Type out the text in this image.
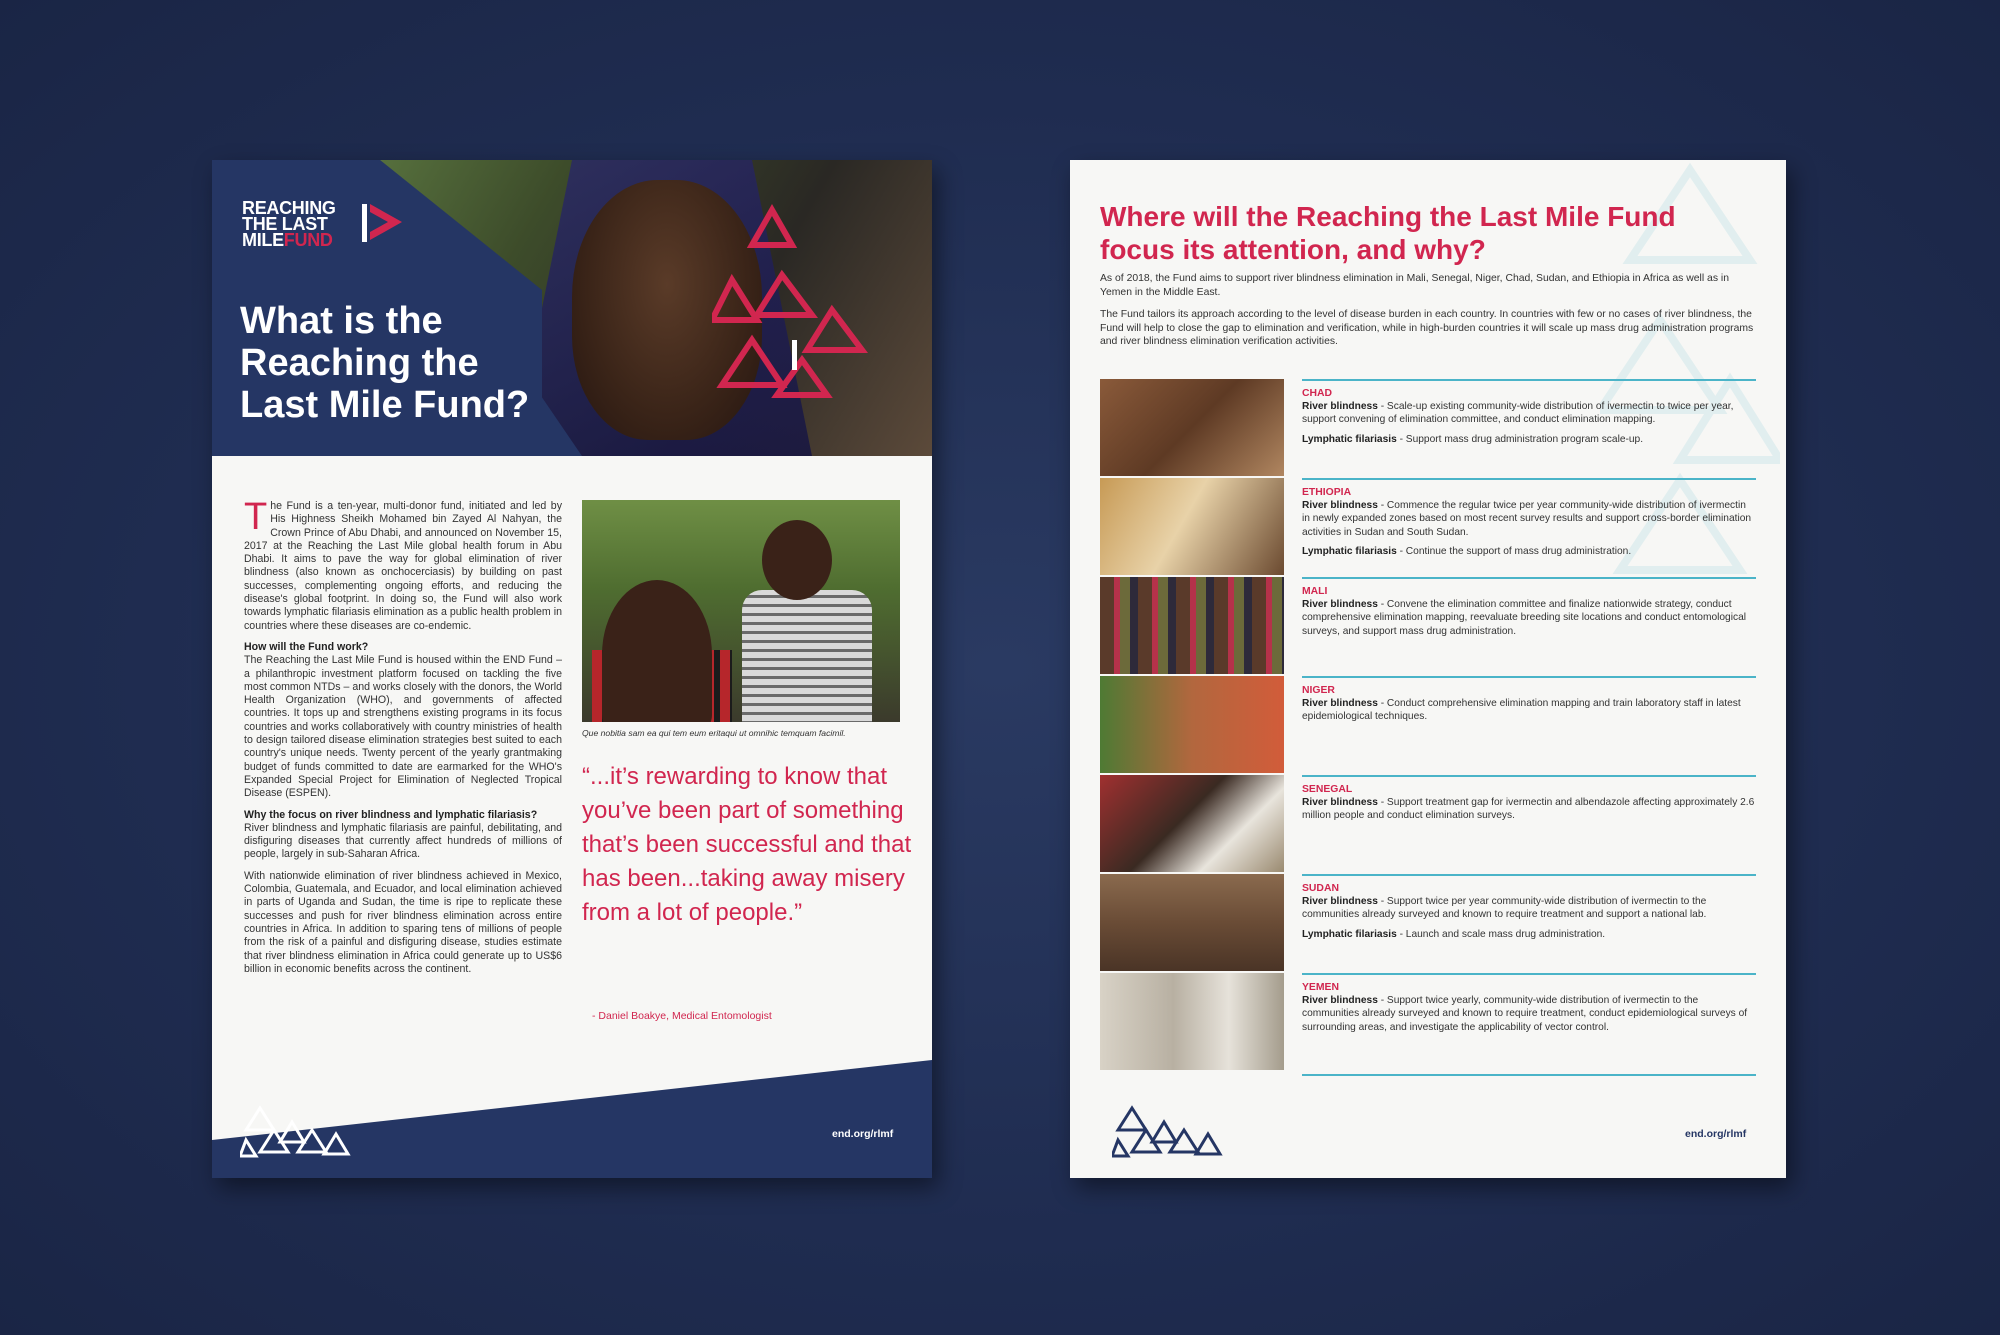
REACHING
THE LAST
MILEFUND
What is the
Reaching the
Last Mile Fund?

The Fund is a ten-year, multi-donor fund, initiated and led by His Highness Sheikh Mohamed bin Zayed Al Nahyan, the Crown Prince of Abu Dhabi, and announced on November 15, 2017 at the Reaching the Last Mile global health forum in Abu Dhabi. It aims to pave the way for global elimination of river blindness (also known as onchocerciasis) by building on past successes, complementing ongoing efforts, and reducing the disease's global footprint. In doing so, the Fund will also work towards lymphatic filariasis elimination as a public health problem in countries where these diseases are co-endemic.

How will the Fund work?

The Reaching the Last Mile Fund is housed within the END Fund – a philanthropic investment platform focused on tackling the five most common NTDs – and works closely with the donors, the World Health Organization (WHO), and governments of affected countries. It tops up and strengthens existing programs in its focus countries and works collaboratively with country ministries of health to design tailored disease elimination strategies best suited to each country's unique needs. Twenty percent of the yearly grantmaking budget of funds committed to date are earmarked for the WHO's Expanded Special Project for Elimination of Neglected Tropical Disease (ESPEN).

Why the focus on river blindness and lymphatic filariasis?

River blindness and lymphatic filariasis are painful, debilitating, and disfiguring diseases that currently affect hundreds of millions of people, largely in sub-Saharan Africa.

With nationwide elimination of river blindness achieved in Mexico, Colombia, Guatemala, and Ecuador, and local elimination achieved in parts of Uganda and Sudan, the time is ripe to replicate these successes and push for river blindness elimination across entire countries in Africa. In addition to sparing tens of millions of people from the risk of a painful and disfiguring disease, studies estimate that river blindness elimination in Africa could generate up to US$6 billion in economic benefits across the continent.

Que nobitia sam ea qui tem eum eritaqui ut omnihic temquam facimil.
“...it’s rewarding to know that you’ve been part of something that’s been successful and that has been...taking away misery from a lot of people.”
- Daniel Boakye, Medical Entomologist
end.org/rlmf
Where will the Reaching the Last Mile Fund focus its attention, and why?

As of 2018, the Fund aims to support river blindness elimination in Mali, Senegal, Niger, Chad, Sudan, and Ethiopia in Africa as well as in Yemen in the Middle East.

The Fund tailors its approach according to the level of disease burden in each country. In countries with few or no cases of river blindness, the Fund will help to close the gap to elimination and verification, while in high-burden countries it will scale up mass drug administration programs and river blindness elimination verification activities.

CHAD

River blindness - Scale-up existing community-wide distribution of ivermectin to twice per year, support convening of elimination committee, and conduct elimination mapping.

Lymphatic filariasis - Support mass drug administration program scale-up.

ETHIOPIA

River blindness - Commence the regular twice per year community-wide distribution of ivermectin in newly expanded zones based on most recent survey results and support cross-border elimination activities in Sudan and South Sudan.

Lymphatic filariasis - Continue the support of mass drug administration.

MALI

River blindness - Convene the elimination committee and finalize nationwide strategy, conduct comprehensive elimination mapping, reevaluate breeding site locations and conduct entomological surveys, and support mass drug administration.

NIGER

River blindness - Conduct comprehensive elimination mapping and train laboratory staff in latest epidemiological techniques.

SENEGAL

River blindness - Support treatment gap for ivermectin and albendazole affecting approximately 2.6 million people and conduct elimination surveys.

SUDAN

River blindness - Support twice per year community-wide distribution of ivermectin to the communities already surveyed and known to require treatment and support a national lab.

Lymphatic filariasis - Launch and scale mass drug administration.

YEMEN

River blindness - Support twice yearly, community-wide distribution of ivermectin to the communities already surveyed and known to require treatment, conduct epidemiological surveys of surrounding areas, and investigate the applicability of vector control.

end.org/rlmf
